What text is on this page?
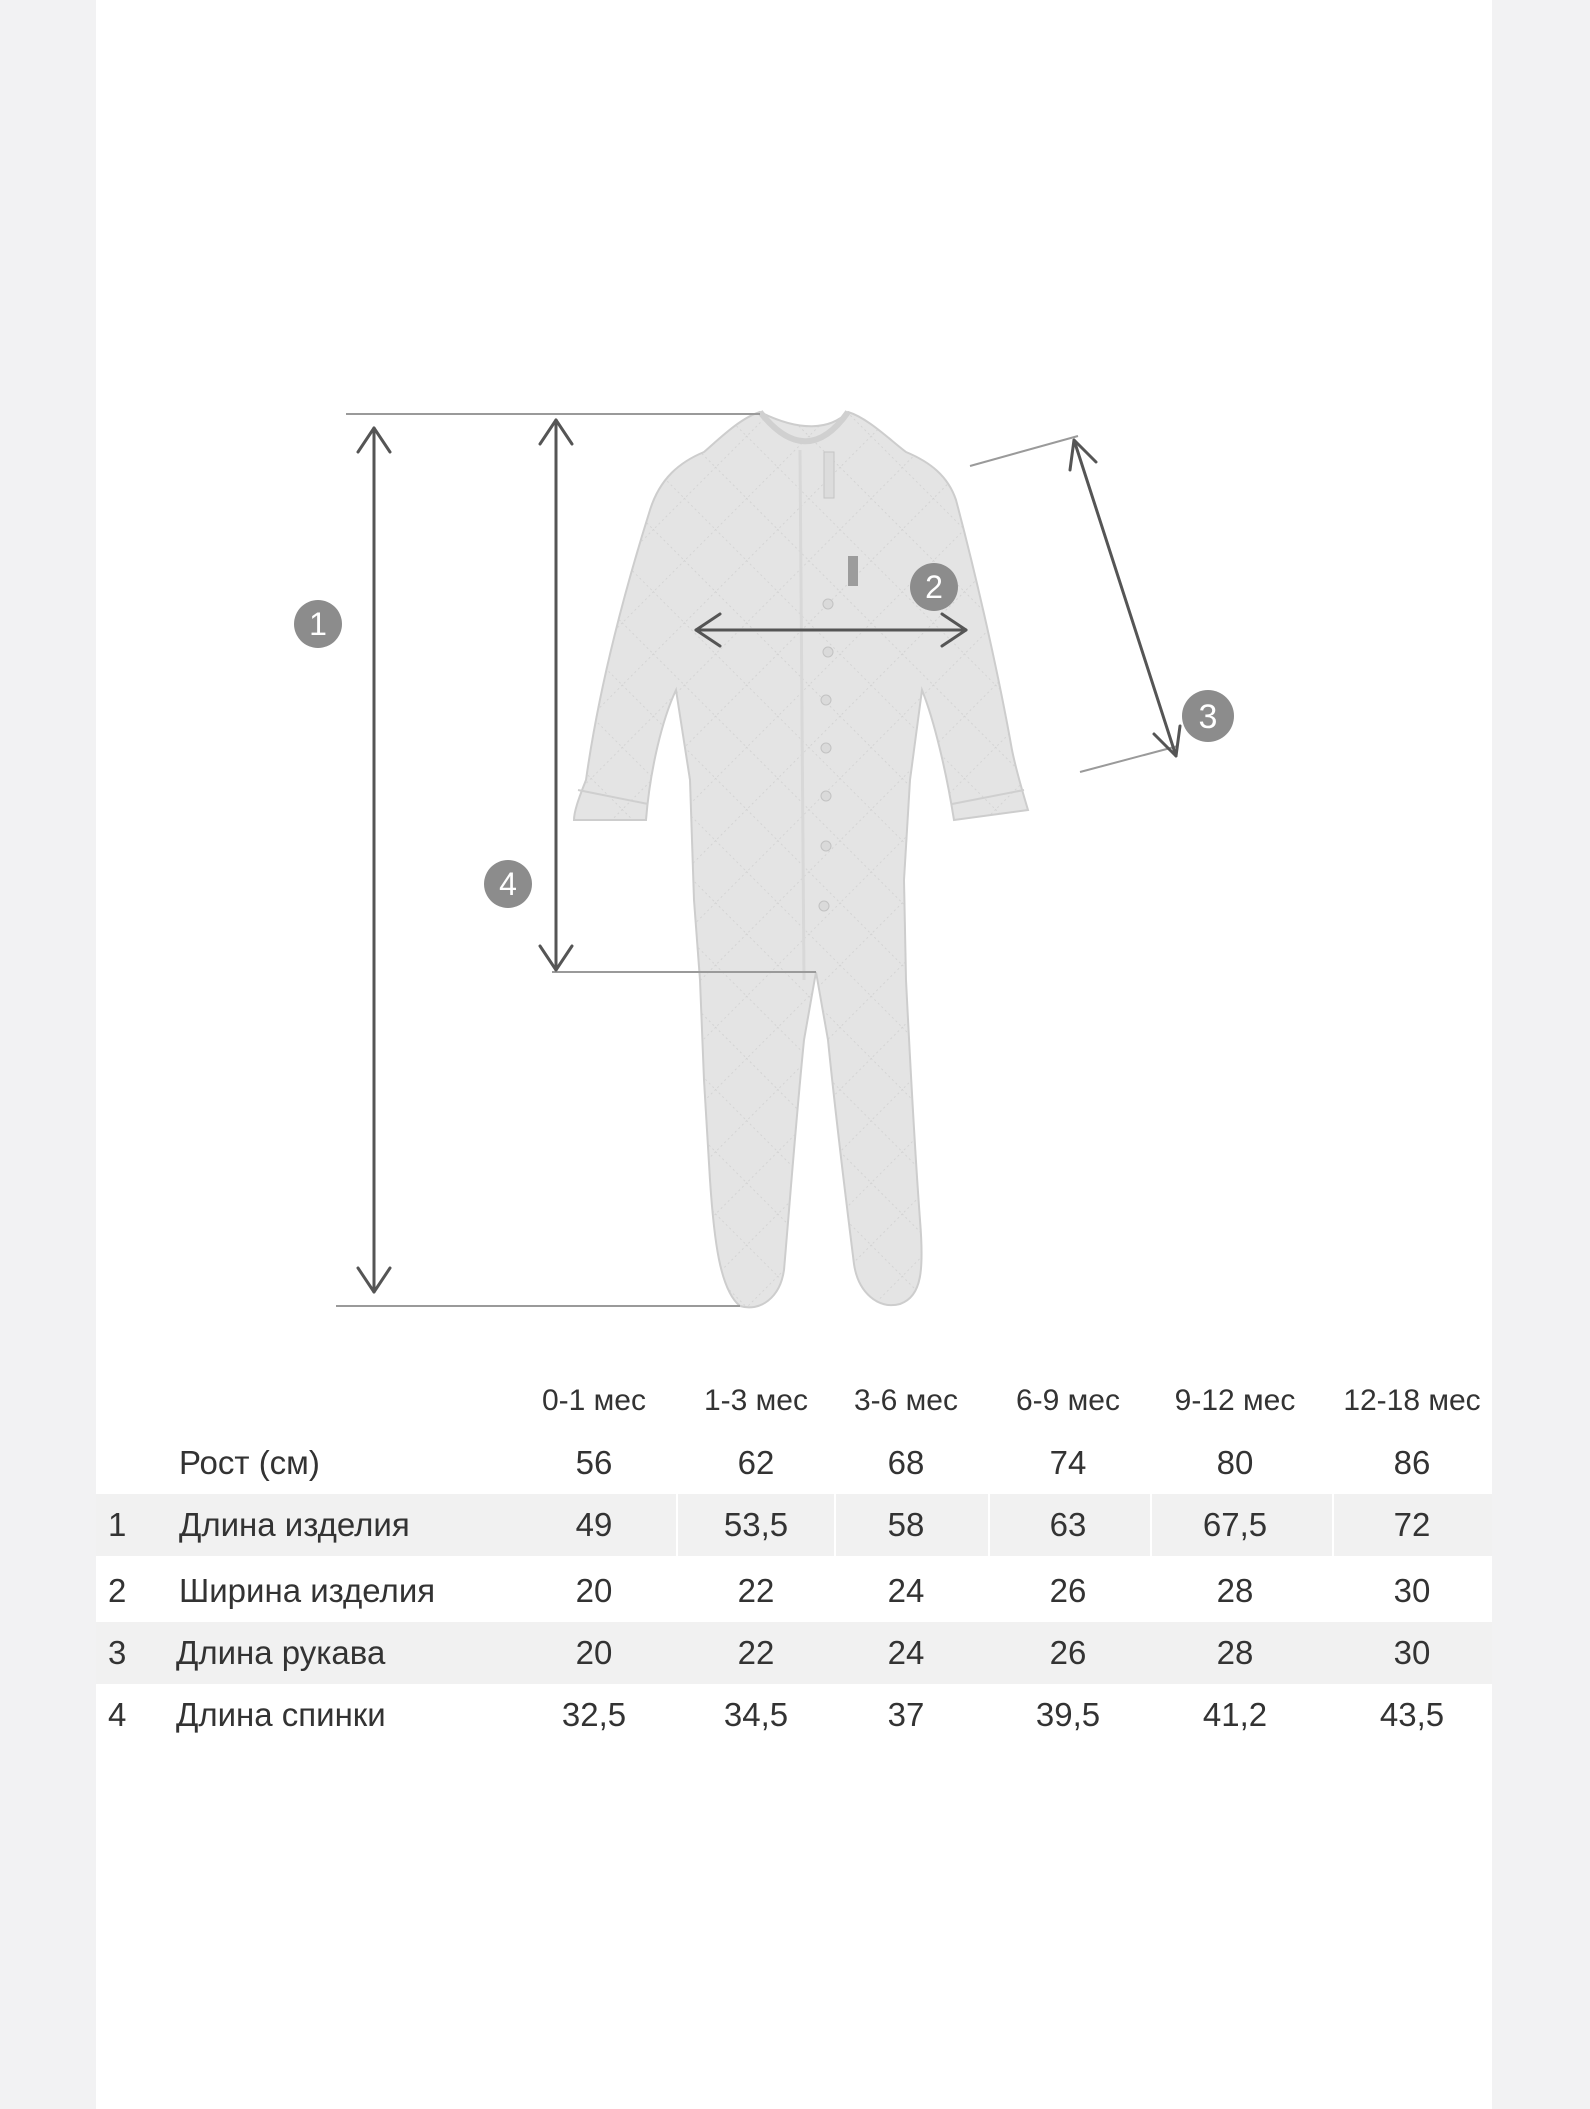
1
2
3
4
0-1 мес	1-3 мес	3-6 мес	6-9 мес	9-12 мес	12-18 мес
Рост (см)	56	62	68	74	80	86
1 Длина изделия	49	53,5	58	63	67,5	72
2 Ширина изделия	20	22	24	26	28	30
3 Длина рукава	20	22	24	26	28	30
4 Длина спинки	32,5	34,5	37	39,5	41,2	43,5
